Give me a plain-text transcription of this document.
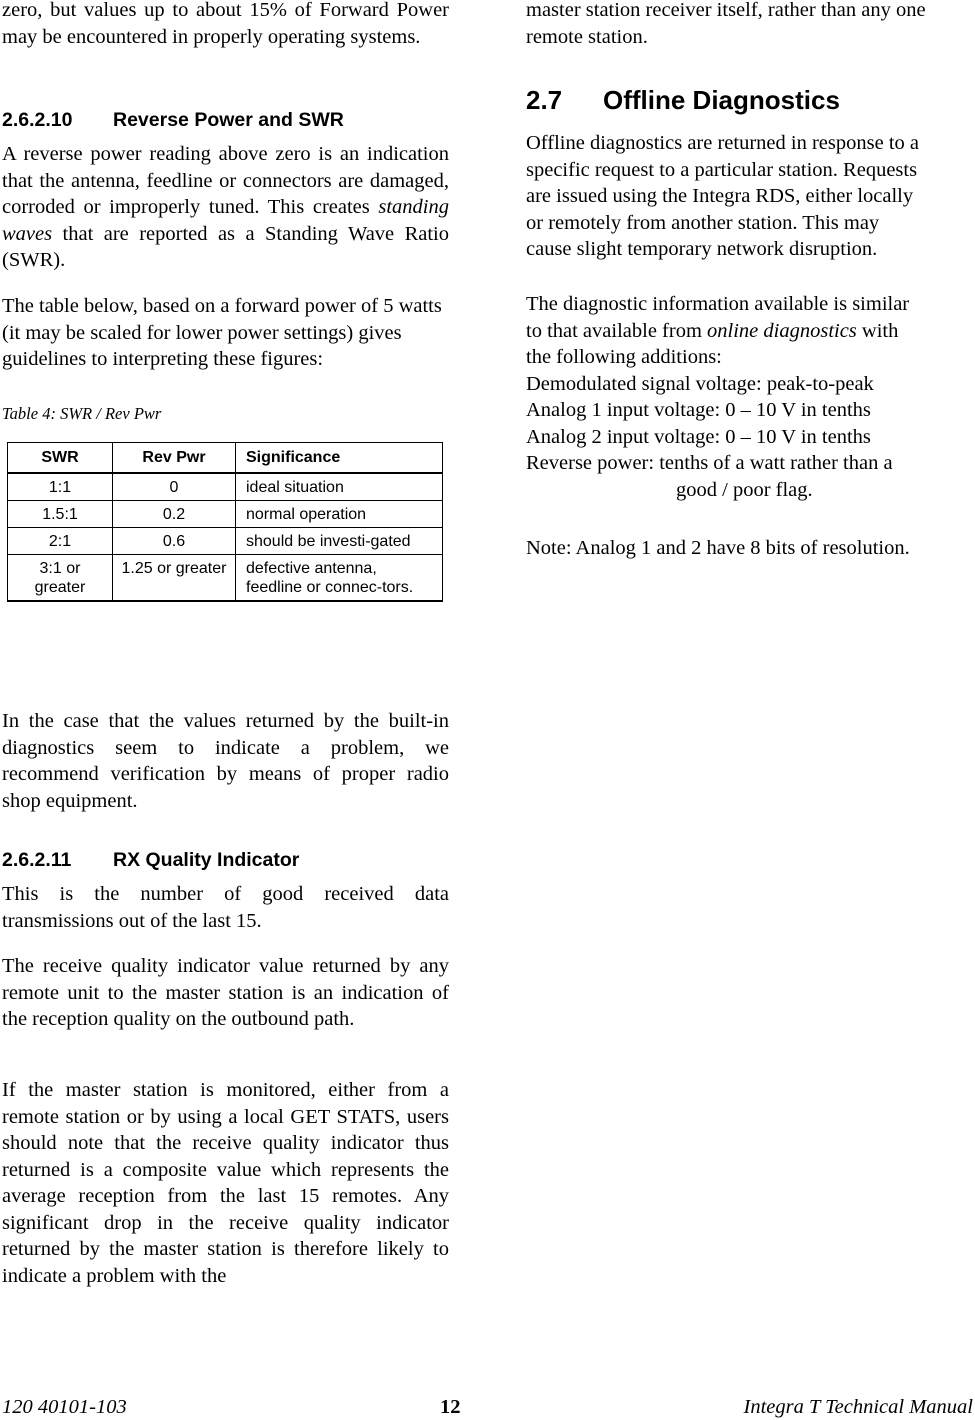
zero, but values up to about 15% of Forward Power may be encountered in properly operating systems.

2.6.2.10 Reverse Power and SWR

A reverse power reading above zero is an indication that the antenna, feedline or connectors are damaged, corroded or improperly tuned. This creates standing waves that are reported as a Standing Wave Ratio (SWR).

The table below, based on a forward power of 5 watts (it may be scaled for lower power settings) gives guidelines to interpreting these figures:

Table 4: SWR / Rev Pwr

SWR	Rev Pwr	Significance
1:1	0	ideal situation
1.5:1	0.2	normal operation
2:1	0.6	should be investi-gated
3:1 or greater	1.25 or greater	defective antenna, feedline or connec-tors.

In the case that the values returned by the built-in diagnostics seem to indicate a problem, we recommend verification by means of proper radio shop equipment.

2.6.2.11 RX Quality Indicator

This is the number of good received data transmissions out of the last 15.

The receive quality indicator value returned by any remote unit to the master station is an indication of the reception quality on the outbound path.

If the master station is monitored, either from a remote station or by using a local GET STATS, users should note that the receive quality indicator thus returned is a composite value which represents the average reception from the last 15 remotes. Any significant drop in the receive quality indicator returned by the master station is therefore likely to indicate a problem with the

master station receiver itself, rather than any one remote station.

2.7 Offline Diagnostics
Offline diagnostics are returned in response to a
specific request to a particular station. Requests
are issued using the Integra RDS, either locally
or remotely from another station. This may
cause slight temporary network disruption.
The diagnostic information available is similar
to that available from online diagnostics with
the following additions:
Demodulated signal voltage: peak-to-peak
Analog 1 input voltage: 0 – 10 V in tenths
Analog 2 input voltage: 0 – 10 V in tenths
Reverse power: tenths of a watt rather than a
good / poor flag.

Note: Analog 1 and 2 have 8 bits of resolution.

120 40101-103	12	Integra T Technical Manual
